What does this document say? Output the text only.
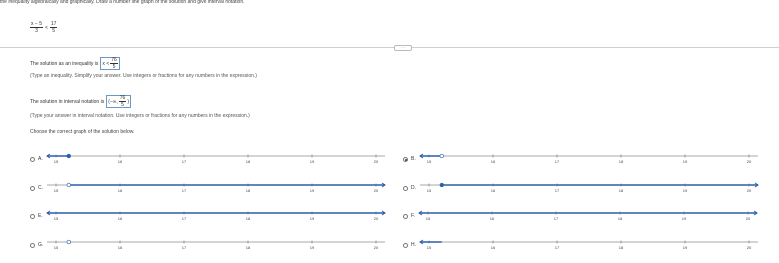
the inequality algebraically and graphically. Draw a number line graph of the solution and give interval notation.
$\frac{x - 5}{3} < \frac{17}{5}$
···
The solution as an inequality is $x < \frac{76}{5}$
(Type an inequality. Simplify your answer. Use integers or fractions for any numbers in the expression.)
The solution in interval notation is (−∞, $\frac{76}{5}$ )
(Type your answer in interval notation. Use integers or fractions for any numbers in the expression.)
Choose the correct graph of the solution below.
A.	15	16	17	18	19	20	B.	15	16	17	18	19	20
C.	15	16	17	18	19	20	D.	15	16	17	18	19	20
E.	15	16	17	18	19	20	F.	15	16	17	18	19	20
G.	15	16	17	18	19	20	H.	15	16	17	18	19	20
